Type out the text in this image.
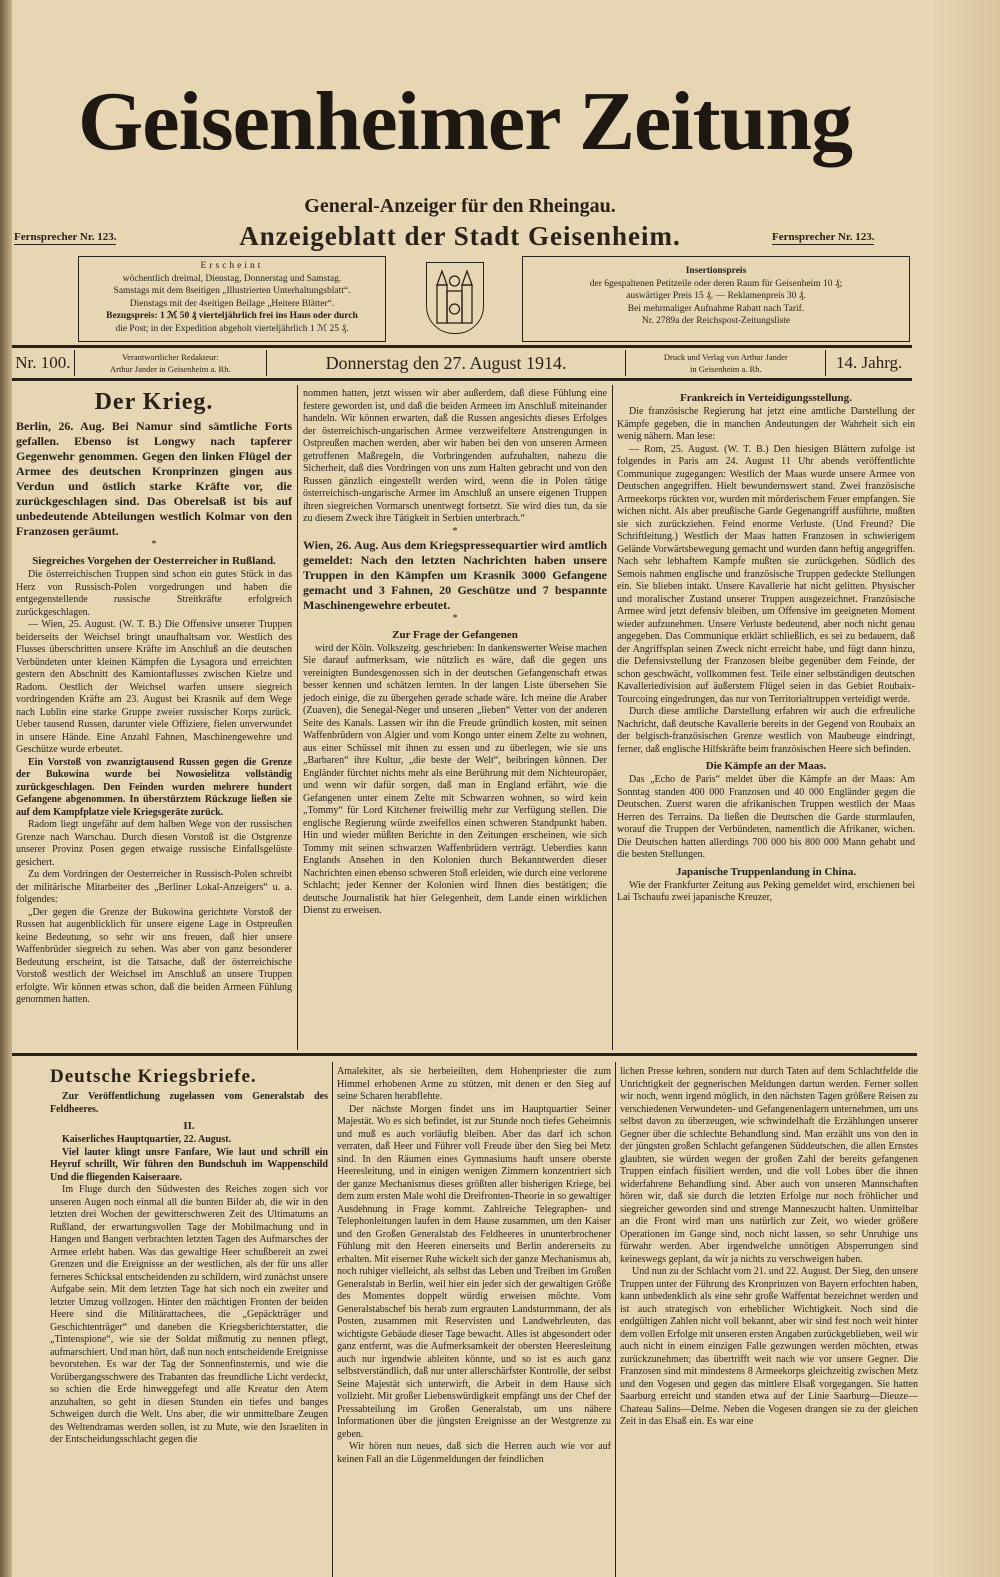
Geisenheimer Zeitung
General-Anzeiger für den Rheingau.
Fernsprecher Nr. 123.	Anzeigeblatt der Stadt Geisenheim.	Fernsprecher Nr. 123.
Erscheint
wöchentlich dreimal, Dienstag, Donnerstag und Samstag.
Samstags mit dem 8seitigen „Illustrierten Unterhaltungsblatt“.
Dienstags mit der 4seitigen Beilage „Heitere Blätter“.
Bezugspreis: 1 ℳ 50 ₰ vierteljährlich frei ins Haus oder durch
die Post; in der Expedition abgeholt vierteljährlich 1 ℳ 25 ₰.
Insertionspreis
der 6gespaltenen Petitzeile oder deren Raum für Geisenheim 10 ₰;
auswärtiger Preis 15 ₰. — Reklamenpreis 30 ₰.
Bei mehrmaliger Aufnahme Rabatt nach Tarif.
Nr. 2789a der Reichspost-Zeitungsliste
Nr. 100.	Verantwortlicher Redakteur:
Arthur Jander in Geisenheim a. Rh.	Donnerstag den 27. August 1914.	Druck und Verlag von Arthur Jander
in Geisenheim a. Rh.	14. Jahrg.
Der Krieg.

Berlin, 26. Aug. Bei Namur sind sämtliche Forts gefallen. Ebenso ist Longwy nach tapferer Gegenwehr genommen. Gegen den linken Flügel der Armee des deutschen Kronprinzen gingen aus Verdun und östlich starke Kräfte vor, die zurückgeschlagen sind. Das Oberelsaß ist bis auf unbedeutende Abteilungen westlich Kolmar von den Franzosen geräumt.

*
Siegreiches Vorgehen der Oesterreicher in Rußland.

Die österreichischen Truppen sind schon ein gutes Stück in das Herz von Russisch-Polen vorgedrungen und haben die entgegenstellende russische Streitkräfte erfolgreich zurückgeschlagen.

— Wien, 25. August. (W. T. B.) Die Offensive unserer Truppen beiderseits der Weichsel bringt unaufhaltsam vor. Westlich des Flusses überschritten unsere Kräfte im Anschluß an die deutschen Verbündeten unter kleinen Kämpfen die Lysagora und erreichten gestern den Abschnitt des Kamiontaflusses zwischen Kielze und Radom. Oestlich der Weichsel warfen unsere siegreich vordringenden Kräfte am 23. August bei Krasnik auf dem Wege nach Lublin eine starke Gruppe zweier russischer Korps zurück. Ueber tausend Russen, darunter viele Offiziere, fielen unverwundet in unsere Hände. Eine Anzahl Fahnen, Maschinengewehre und Geschütze wurde erbeutet.

Ein Vorstoß von zwanzigtausend Russen gegen die Grenze der Bukowina wurde bei Nowosielitza vollständig zurückgeschlagen. Den Feinden wurden mehrere hundert Gefangene abgenommen. In überstürztem Rückzuge ließen sie auf dem Kampfplatze viele Kriegsgeräte zurück.

Radom liegt ungefähr auf dem halben Wege von der russischen Grenze nach Warschau. Durch diesen Vorstoß ist die Ostgrenze unserer Provinz Posen gegen etwaige russische Einfallsgelüste gesichert.

Zu dem Vordringen der Oesterreicher in Russisch-Polen schreibt der militärische Mitarbeiter des „Berliner Lokal-Anzeigers“ u. a. folgendes:

„Der gegen die Grenze der Bukowina gerichtete Vorstoß der Russen hat augenblicklich für unsere eigene Lage in Ostpreußen keine Bedeutung, so sehr wir uns freuen, daß hier unsere Waffenbrüder siegreich zu sehen. Was aber von ganz besonderer Bedeutung erscheint, ist die Tatsache, daß der österreichische Vorstoß westlich der Weichsel im Anschluß an unsere Truppen erfolgte. Wir können etwas schon, daß die beiden Armeen Fühlung genommen hatten.

nommen hatten, jetzt wissen wir aber außerdem, daß diese Fühlung eine festere geworden ist, und daß die beiden Armeen im Anschluß miteinander handeln. Wir können erwarten, daß die Russen angesichts dieses Erfolges der österreichisch-ungarischen Armee verzweifeltere Anstrengungen in Ostpreußen machen werden, aber wir haben bei den von unseren Armeen getroffenen Maßregeln, die Vorbringenden aufzuhalten, nahezu die Sicherheit, daß dies Vordringen von uns zum Halten gebracht und von den Russen gänzlich eingestellt werden wird, wenn die in Polen tätige österreichisch-ungarische Armee im Anschluß an unsere eigenen Truppen ihren siegreichen Vormarsch unentwegt fortsetzt. Sie wird dies tun, da sie zu diesem Zweck ihre Tätigkeit in Serbien unterbrach.“

*

Wien, 26. Aug. Aus dem Kriegspressequartier wird amtlich gemeldet: Nach den letzten Nachrichten haben unsere Truppen in den Kämpfen um Krasnik 3000 Gefangene gemacht und 3 Fahnen, 20 Geschütze und 7 bespannte Maschinengewehre erbeutet.

*
Zur Frage der Gefangenen

wird der Köln. Volkszeitg. geschrieben: In dankenswerter Weise machen Sie darauf aufmerksam, wie nützlich es wäre, daß die gegen uns vereinigten Bundesgenossen sich in der deutschen Gefangenschaft etwas besser kennen und schätzen lernten. In der langen Liste übersehen Sie jedoch einige, die zu übergehen gerade schade wäre. Ich meine die Araber (Zuaven), die Senegal-Neger und unseren „lieben“ Vetter von der anderen Seite des Kanals. Lassen wir ihn die Freude gründlich kosten, mit seinen Waffenbrüdern von Algier und vom Kongo unter einem Zelte zu wohnen, aus einer Schüssel mit ihnen zu essen und zu überlegen, wie sie uns „Barbaren“ ihre Kultur, „die beste der Welt“, beibringen können. Der Engländer fürchtet nichts mehr als eine Berührung mit dem Nichteuropäer, und wenn wir dafür sorgen, daß man in England erfährt, wie die Gefangenen unter einem Zelte mit Schwarzen wohnen, so wird kein „Tommy“ für Lord Kitchener freiwillig mehr zur Verfügung stellen. Die englische Regierung würde zweifellos einen schweren Standpunkt haben. Hin und wieder müßten Berichte in den Zeitungen erscheinen, wie sich Tommy mit seinen schwarzen Waffenbrüdern verträgt. Ueberdies kann Englands Ansehen in den Kolonien durch Bekanntwerden dieser Nachrichten einen ebenso schweren Stoß erleiden, wie durch eine verlorene Schlacht; jeder Kenner der Kolonien wird Ihnen dies bestätigen; die deutsche Journalistik hat hier Gelegenheit, dem Lande einen wirklichen Dienst zu erweisen.

Frankreich in Verteidigungsstellung.

Die französische Regierung hat jetzt eine amtliche Darstellung der Kämpfe gegeben, die in manchen Andeutungen der Wahrheit sich ein wenig nähern. Man lese:

— Rom, 25. August. (W. T. B.) Den hiesigen Blättern zufolge ist folgendes in Paris am 24. August 11 Uhr abends veröffentlichte Communique zugegangen: Westlich der Maas wurde unsere Armee von Deutschen angegriffen. Hielt bewundernswert stand. Zwei französische Armeekorps rückten vor, wurden mit mörderischem Feuer empfangen. Sie wichen nicht. Als aber preußische Garde Gegenangriff ausführte, mußten sie sich zurückziehen. Feind enorme Verluste. (Und Freund? Die Schriftleitung.) Westlich der Maas hatten Franzosen in schwierigem Gelände Vorwärtsbewegung gemacht und wurden dann heftig angegriffen. Nach sehr lebhaftem Kampfe mußten sie zurückgehen. Südlich des Semois nahmen englische und französische Truppen gedeckte Stellungen ein. Sie blieben intakt. Unsere Kavallerie hat nicht gelitten. Physischer und moralischer Zustand unserer Truppen ausgezeichnet. Französische Armee wird jetzt defensiv bleiben, um Offensive im geeigneten Moment wieder aufzunehmen. Unsere Verluste bedeutend, aber noch nicht genau angegeben. Das Communique erklärt schließlich, es sei zu bedauern, daß der Angriffsplan seinen Zweck nicht erreicht habe, und fügt dann hinzu, die Defensivstellung der Franzosen bleibe gegenüber dem Feinde, der schon geschwächt, vollkommen fest. Teile einer selbständigen deutschen Kavalleriedivision auf äußerstem Flügel seien in das Gebiet Roubaix-Tourcoing eingedrungen, das nur von Territorialtruppen verteidigt werde.

Durch diese amtliche Darstellung erfahren wir auch die erfreuliche Nachricht, daß deutsche Kavallerie bereits in der Gegend von Roubaix an der belgisch-französischen Grenze westlich von Maubeuge eindringt, ferner, daß englische Hilfskräfte beim französischen Heere sich befinden.

Die Kämpfe an der Maas.

Das „Echo de Paris“ meldet über die Kämpfe an der Maas: Am Sonntag standen 400 000 Franzosen und 40 000 Engländer gegen die Deutschen. Zuerst waren die afrikanischen Truppen westlich der Maas Herren des Terrains. Da ließen die Deutschen die Garde sturmlaufen, worauf die Truppen der Verbündeten, namentlich die Afrikaner, wichen. Die Deutschen hatten allerdings 700 000 bis 800 000 Mann gehabt und die besten Stellungen.

Japanische Truppenlandung in China.

Wie der Frankfurter Zeitung aus Peking gemeldet wird, erschienen bei Lai Tschaufu zwei japanische Kreuzer,

Deutsche Kriegsbriefe.

Zur Veröffentlichung zugelassen vom Generalstab des Feldheeres.

II.

Kaiserliches Hauptquartier, 22. August.

Viel lauter klingt unsre Fanfare, Wie laut und schrill ein Heyruf schrillt, Wir führen den Bundschuh im Wappenschild Und die fliegenden Kaiseraare.

Im Fluge durch den Südwesten des Reiches zogen sich vor unseren Augen noch einmal all die bunten Bilder ab, die wir in den letzten drei Wochen der gewitterschweren Zeit des Ultimatums an Rußland, der erwartungsvollen Tage der Mobilmachung und in Hangen und Bangen verbrachten letzten Tagen des Aufmarsches der Armee erlebt haben. Was das gewaltige Heer schußbereit an zwei Grenzen und die Ereignisse an der westlichen, als der für uns aller ferneres Schicksal entscheidenden zu schildern, wird zunächst unsere Aufgabe sein. Mit dem letzten Tage hat sich noch ein zweiter und letzter Umzug vollzogen. Hinter den mächtigen Fronten der beiden Heere sind die Militärattachees, die „Gepäckträger und Geschichtenträger“ und daneben die Kriegsberichterstatter, die „Tintenspione“, wie sie der Soldat mißmutig zu nennen pflegt, aufmarschiert. Und man hört, daß nun noch entscheidende Ereignisse bevorstehen. Es war der Tag der Sonnenfinsternis, und wie die Vorübergangsschwere des Trabanten das freundliche Licht verdeckt, so schien die Erde hinweggefegt und alle Kreatur den Atem anzuhalten, so geht in diesen Stunden ein tiefes und banges Schweigen durch die Welt. Uns aber, die wir unmittelbare Zeugen des Weltendramas werden sollen, ist zu Mute, wie den Israeliten in der Entscheidungsschlacht gegen die

Amalekiter, als sie herbeieilten, dem Hohenpriester die zum Himmel erhobenen Arme zu stützen, mit denen er den Sieg auf seine Scharen herabflehte.

Der nächste Morgen findet uns im Hauptquartier Seiner Majestät. Wo es sich befindet, ist zur Stunde noch tiefes Geheimnis und muß es auch vorläufig bleiben. Aber das darf ich schon verraten, daß Heer und Führer voll Freude über den Sieg bei Metz sind. In den Räumen eines Gymnasiums hauft unsere oberste Heeresleitung, und in einigen wenigen Zimmern konzentriert sich der ganze Mechanismus dieses größten aller bisherigen Kriege, bei dem zum ersten Male wohl die Dreifronten-Theorie in so gewaltiger Ausdehnung in Frage kommt. Zahlreiche Telegraphen- und Telephonleitungen laufen in dem Hause zusammen, um den Kaiser und den Großen Generalstab des Feldheeres in ununterbrochener Fühlung mit den Heeren einerseits und Berlin andererseits zu erhalten. Mit eiserner Ruhe wickelt sich der ganze Mechanismus ab, noch ruhiger vielleicht, als selbst das Leben und Treiben im Großen Generalstab in Berlin, weil hier ein jeder sich der gewaltigen Größe des Momentes doppelt würdig erweisen möchte. Vom Generalstabschef bis herab zum ergrauten Landsturmmann, der als Posten, zusammen mit Reservisten und Landwehrleuten, das wichtigste Gebäude dieser Tage bewacht. Alles ist abgesondert oder ganz entfernt, was die Aufmerksamkeit der obersten Heeresleitung auch nur irgendwie ableiten könnte, und so ist es auch ganz selbstverständlich, daß nur unter allerschärfster Kontrolle, der selbst Seine Majestät sich unterwirft, die Arbeit in dem Hause sich vollzieht. Mit großer Liebenswürdigkeit empfängt uns der Chef der Pressabteilung im Großen Generalstab, um uns nähere Informationen über die jüngsten Ereignisse an der Westgrenze zu geben.

Wir hören nun neues, daß sich die Herren auch wie vor auf keinen Fall an die Lügenmeldungen der feindlichen

lichen Presse kehren, sondern nur durch Taten auf dem Schlachtfelde die Unrichtigkeit der gegnerischen Meldungen dartun werden. Ferner sollen wir noch, wenn irgend möglich, in den nächsten Tagen größere Reisen zu verschiedenen Verwundeten- und Gefangenenlagern unternehmen, um uns selbst davon zu überzeugen, wie schwindelhaft die Erzählungen unserer Gegner über die schlechte Behandlung sind. Man erzählt uns von den in der jüngsten großen Schlacht gefangenen Süddeutschen, die allen Ernstes glaubten, sie würden wegen der großen Zahl der bereits gefangenen Truppen einfach füsiliert werden, und die voll Lobes über die ihnen widerfahrene Behandlung sind. Aber auch von unseren Mannschaften hören wir, daß sie durch die letzten Erfolge nur noch fröhlicher und siegreicher geworden sind und strenge Manneszucht halten. Unmittelbar an die Front wird man uns natürlich zur Zeit, wo wieder größere Operationen im Gange sind, noch nicht lassen, so sehr Unruhige uns fürwahr werden. Aber irgendwelche unnötigen Absperrungen sind keineswegs geplant, da wir ja nichts zu verschweigen haben.

Und nun zu der Schlacht vom 21. und 22. August. Der Sieg, den unsere Truppen unter der Führung des Kronprinzen von Bayern erfochten haben, kann unbedenklich als eine sehr große Waffentat bezeichnet werden und ist auch strategisch von erheblicher Wichtigkeit. Noch sind die endgültigen Zahlen nicht voll bekannt, aber wir sind fest noch weit hinter dem vollen Erfolge mit unseren ersten Angaben zurückgeblieben, weil wir auch nicht in einem einzigen Falle gezwungen werden möchten, etwas zurückzunehmen; das übertrifft weit nach wie vor unsere Gegner. Die Franzosen sind mit mindestens 8 Armeekorps gleichzeitig zwischen Metz und den Vogesen und gegen das mittlere Elsaß vorgegangen. Sie hatten Saarburg erreicht und standen etwa auf der Linie Saarburg—Dieuze—Chateau Salins—Delme. Neben die Vogesen drangen sie zu der gleichen Zeit in das Elsaß ein. Es war eine
